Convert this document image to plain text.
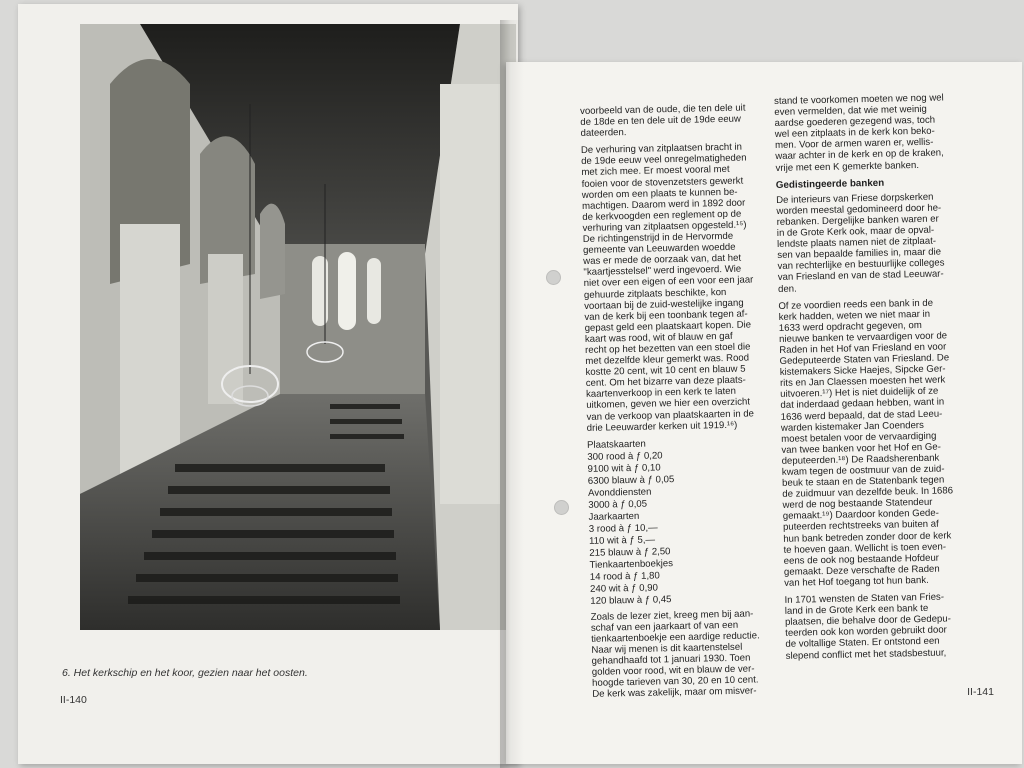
6. Het kerkschip en het koor, gezien naar het oosten.
II-140

voorbeeld van de oude, die ten dele uit
de 18de en ten dele uit de 19de eeuw
dateerden.

De verhuring van zitplaatsen bracht in
de 19de eeuw veel onregelmatigheden
met zich mee. Er moest vooral met
fooien voor de stovenzetsters gewerkt
worden om een plaats te kunnen be-
machtigen. Daarom werd in 1892 door
de kerkvoogden een reglement op de
verhuring van zitplaatsen opgesteld.¹⁵)
De richtingenstrijd in de Hervormde
gemeente van Leeuwarden woedde
was er mede de oorzaak van, dat het
"kaartjesstelsel" werd ingevoerd. Wie
niet over een eigen of een voor een jaar
gehuurde zitplaats beschikte, kon
voortaan bij de zuid-westelijke ingang
van de kerk bij een toonbank tegen af-
gepast geld een plaatskaart kopen. Die
kaart was rood, wit of blauw en gaf
recht op het bezetten van een stoel die
met dezelfde kleur gemerkt was. Rood
kostte 20 cent, wit 10 cent en blauw 5
cent. Om het bizarre van deze plaats-
kaartenverkoop in een kerk te laten
uitkomen, geven we hier een overzicht
van de verkoop van plaatskaarten in de
drie Leeuwarder kerken uit 1919.¹⁶)

Plaatskaarten
300 rood à ƒ 0,20
9100 wit à ƒ 0,10
6300 blauw à ƒ 0,05
Avonddiensten
3000 à ƒ 0,05
Jaarkaarten
3 rood à ƒ 10,—
110 wit à ƒ 5,—
215 blauw à ƒ 2,50
Tienkaartenboekjes
14 rood à ƒ 1,80
240 wit à ƒ 0,90
120 blauw à ƒ 0,45

Zoals de lezer ziet, kreeg men bij aan-
schaf van een jaarkaart of van een
tienkaartenboekje een aardige reductie.
Naar wij menen is dit kaartenstelsel
gehandhaafd tot 1 januari 1930. Toen
golden voor rood, wit en blauw de ver-
hoogde tarieven van 30, 20 en 10 cent.
De kerk was zakelijk, maar om misver-

stand te voorkomen moeten we nog wel
even vermelden, dat wie met weinig
aardse goederen gezegend was, toch
wel een zitplaats in de kerk kon beko-
men. Voor de armen waren er, wellis-
waar achter in de kerk en op de kraken,
vrije met een K gemerkte banken.

Gedistingeerde banken

De interieurs van Friese dorpskerken
worden meestal gedomineerd door he-
rebanken. Dergelijke banken waren er
in de Grote Kerk ook, maar de opval-
lendste plaats namen niet de zitplaat-
sen van bepaalde families in, maar die
van rechterlijke en bestuurlijke colleges
van Friesland en van de stad Leeuwar-
den.

Of ze voordien reeds een bank in de
kerk hadden, weten we niet maar in
1633 werd opdracht gegeven, om
nieuwe banken te vervaardigen voor de
Raden in het Hof van Friesland en voor
Gedeputeerde Staten van Friesland. De
kistemakers Sicke Haejes, Sipcke Ger-
rits en Jan Claessen moesten het werk
uitvoeren.¹⁷) Het is niet duidelijk of ze
dat inderdaad gedaan hebben, want in
1636 werd bepaald, dat de stad Leeu-
warden kistemaker Jan Coenders
moest betalen voor de vervaardiging
van twee banken voor het Hof en Ge-
deputeerden.¹⁸) De Raadsherenbank
kwam tegen de oostmuur van de zuid-
beuk te staan en de Statenbank tegen
de zuidmuur van dezelfde beuk. In 1686
werd de nog bestaande Statendeur
gemaakt.¹⁹) Daardoor konden Gede-
puteerden rechtstreeks van buiten af
hun bank betreden zonder door de kerk
te hoeven gaan. Wellicht is toen even-
eens de ook nog bestaande Hofdeur
gemaakt. Deze verschafte de Raden
van het Hof toegang tot hun bank.

In 1701 wensten de Staten van Fries-
land in de Grote Kerk een bank te
plaatsen, die behalve door de Gedepu-
teerden ook kon worden gebruikt door
de voltallige Staten. Er ontstond een
slepend conflict met het stadsbestuur,

II-141
